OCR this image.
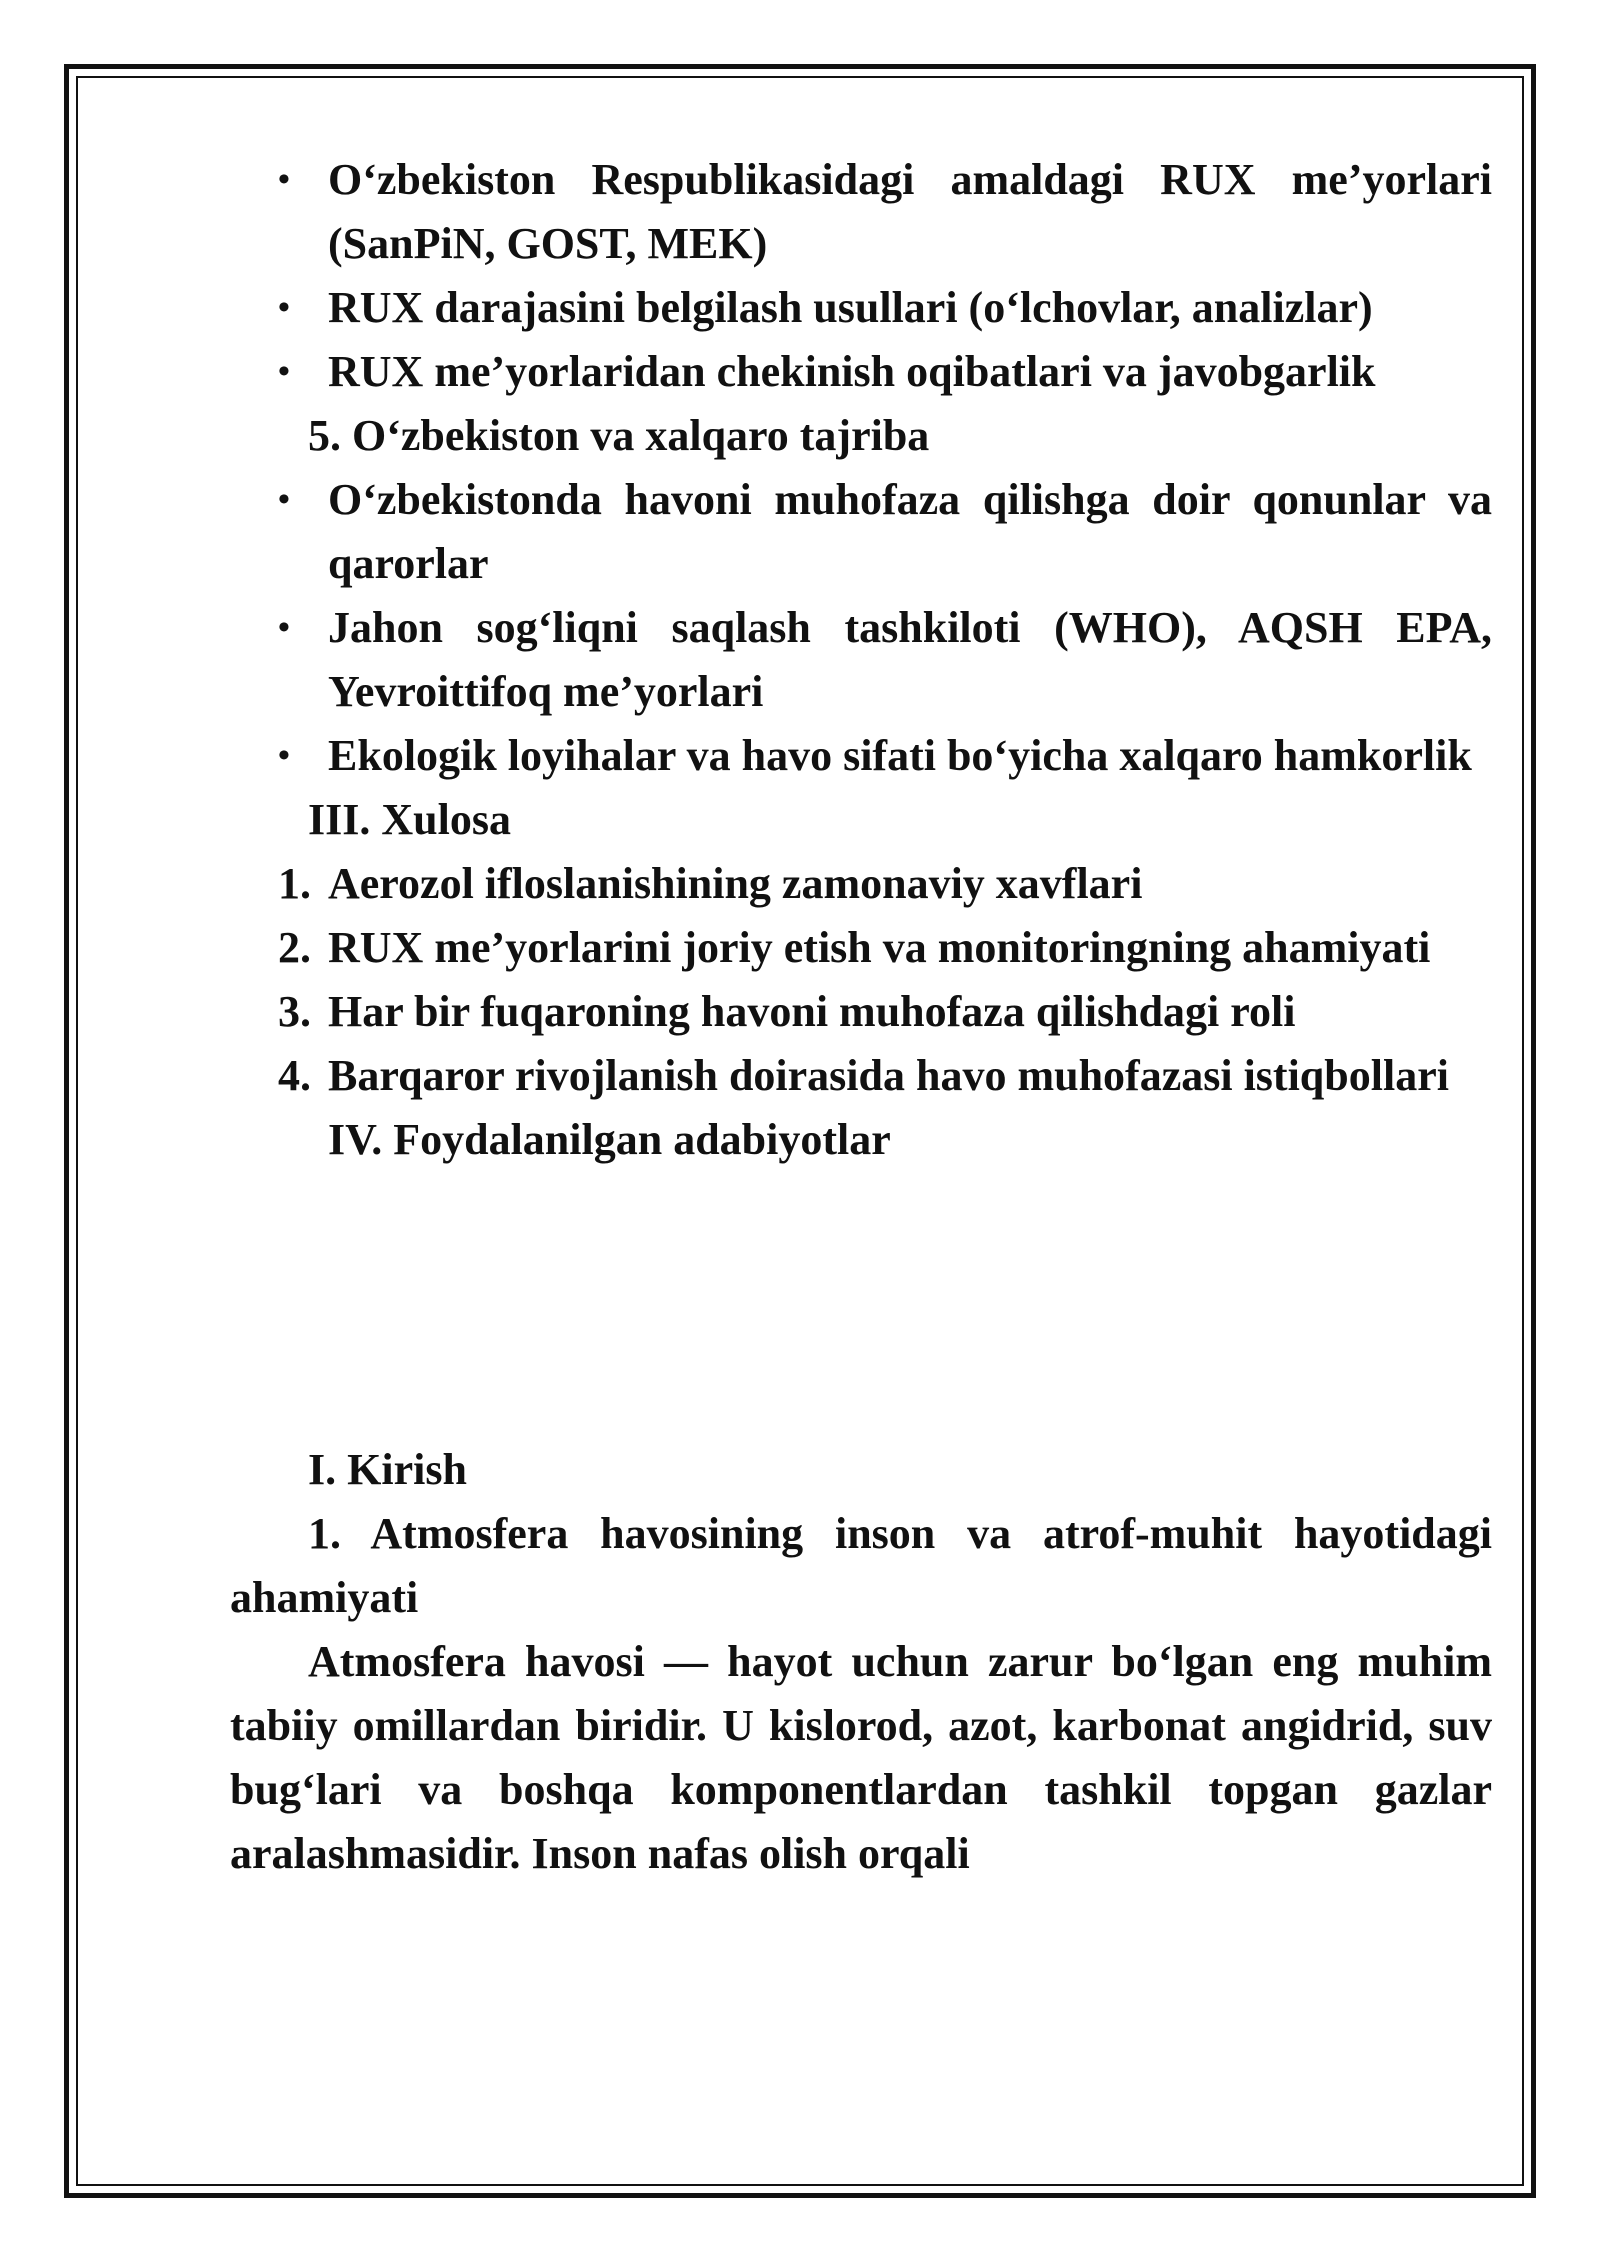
• O‘zbekiston Respublikasidagi amaldagi RUX me’yorlari (SanPiN, GOST, MEK)

• RUX darajasini belgilash usullari (o‘lchovlar, analizlar)

• RUX me’yorlaridan chekinish oqibatlari va javobgarlik

5. O‘zbekiston va xalqaro tajriba

• O‘zbekistonda havoni muhofaza qilishga doir qonunlar va qarorlar

• Jahon sog‘liqni saqlash tashkiloti (WHO), AQSH EPA, Yevroittifoq me’yorlari

• Ekologik loyihalar va havo sifati bo‘yicha xalqaro hamkorlik

III. Xulosa

1. Aerozol ifloslanishining zamonaviy xavflari

2. RUX me’yorlarini joriy etish va monitoringning ahamiyati

3. Har bir fuqaroning havoni muhofaza qilishdagi roli

4. Barqaror rivojlanish doirasida havo muhofazasi istiqbollari

IV. Foydalanilgan adabiyotlar

I. Kirish

1. Atmosfera havosining inson va atrof-muhit hayotidagi ahamiyati

Atmosfera havosi — hayot uchun zarur bo‘lgan eng muhim tabiiy omillardan biridir. U kislorod, azot, karbonat angidrid, suv bug‘lari va boshqa komponentlardan tashkil topgan gazlar aralashmasidir. Inson nafas olish orqali
